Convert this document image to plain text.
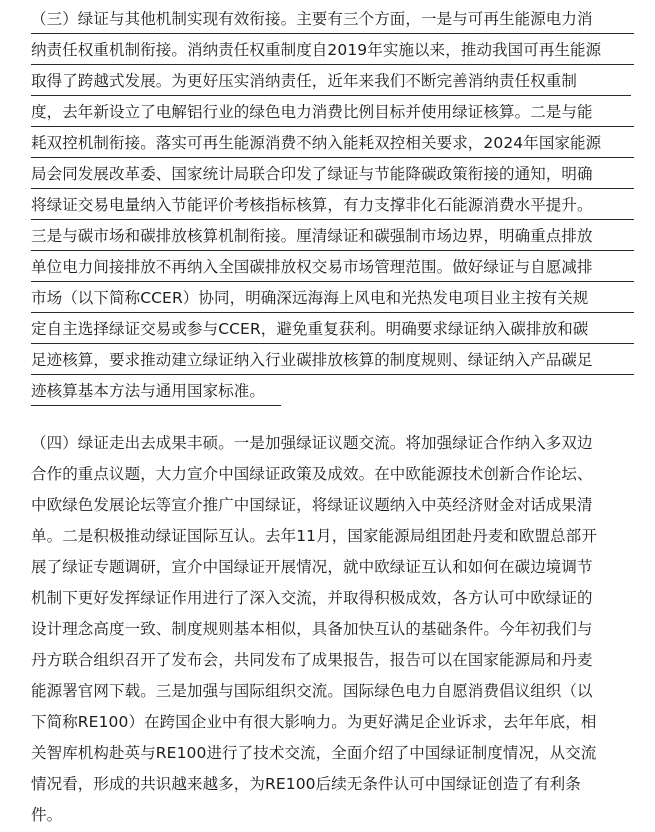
（三）绿证与其他机制实现有效衔接。主要有三个方面，一是与可再生能源电力消
纳责任权重机制衔接。消纳责任权重制度自2019年实施以来，推动我国可再生能源
取得了跨越式发展。为更好压实消纳责任，近年来我们不断完善消纳责任权重制
度，去年新设立了电解铝行业的绿色电力消费比例目标并使用绿证核算。二是与能
耗双控机制衔接。落实可再生能源消费不纳入能耗双控相关要求，2024年国家能源
局会同发展改革委、国家统计局联合印发了绿证与节能降碳政策衔接的通知，明确
将绿证交易电量纳入节能评价考核指标核算，有力支撑非化石能源消费水平提升。
三是与碳市场和碳排放核算机制衔接。厘清绿证和碳强制市场边界，明确重点排放
单位电力间接排放不再纳入全国碳排放权交易市场管理范围。做好绿证与自愿减排
市场（以下简称CCER）协同，明确深远海海上风电和光热发电项目业主按有关规
定自主选择绿证交易或参与CCER，避免重复获利。明确要求绿证纳入碳排放和碳
足迹核算，要求推动建立绿证纳入行业碳排放核算的制度规则、绿证纳入产品碳足
迹核算基本方法与通用国家标准。
（四）绿证走出去成果丰硕。一是加强绿证议题交流。将加强绿证合作纳入多双边
合作的重点议题，大力宣介中国绿证政策及成效。在中欧能源技术创新合作论坛、
中欧绿色发展论坛等宣介推广中国绿证，将绿证议题纳入中英经济财金对话成果清
单。二是积极推动绿证国际互认。去年11月，国家能源局组团赴丹麦和欧盟总部开
展了绿证专题调研，宣介中国绿证开展情况，就中欧绿证互认和如何在碳边境调节
机制下更好发挥绿证作用进行了深入交流，并取得积极成效，各方认可中欧绿证的
设计理念高度一致、制度规则基本相似，具备加快互认的基础条件。今年初我们与
丹方联合组织召开了发布会，共同发布了成果报告，报告可以在国家能源局和丹麦
能源署官网下载。三是加强与国际组织交流。国际绿色电力自愿消费倡议组织（以
下简称RE100）在跨国企业中有很大影响力。为更好满足企业诉求，去年年底，相
关智库机构赴英与RE100进行了技术交流，全面介绍了中国绿证制度情况，从交流
情况看，形成的共识越来越多，为RE100后续无条件认可中国绿证创造了有利条
件。
